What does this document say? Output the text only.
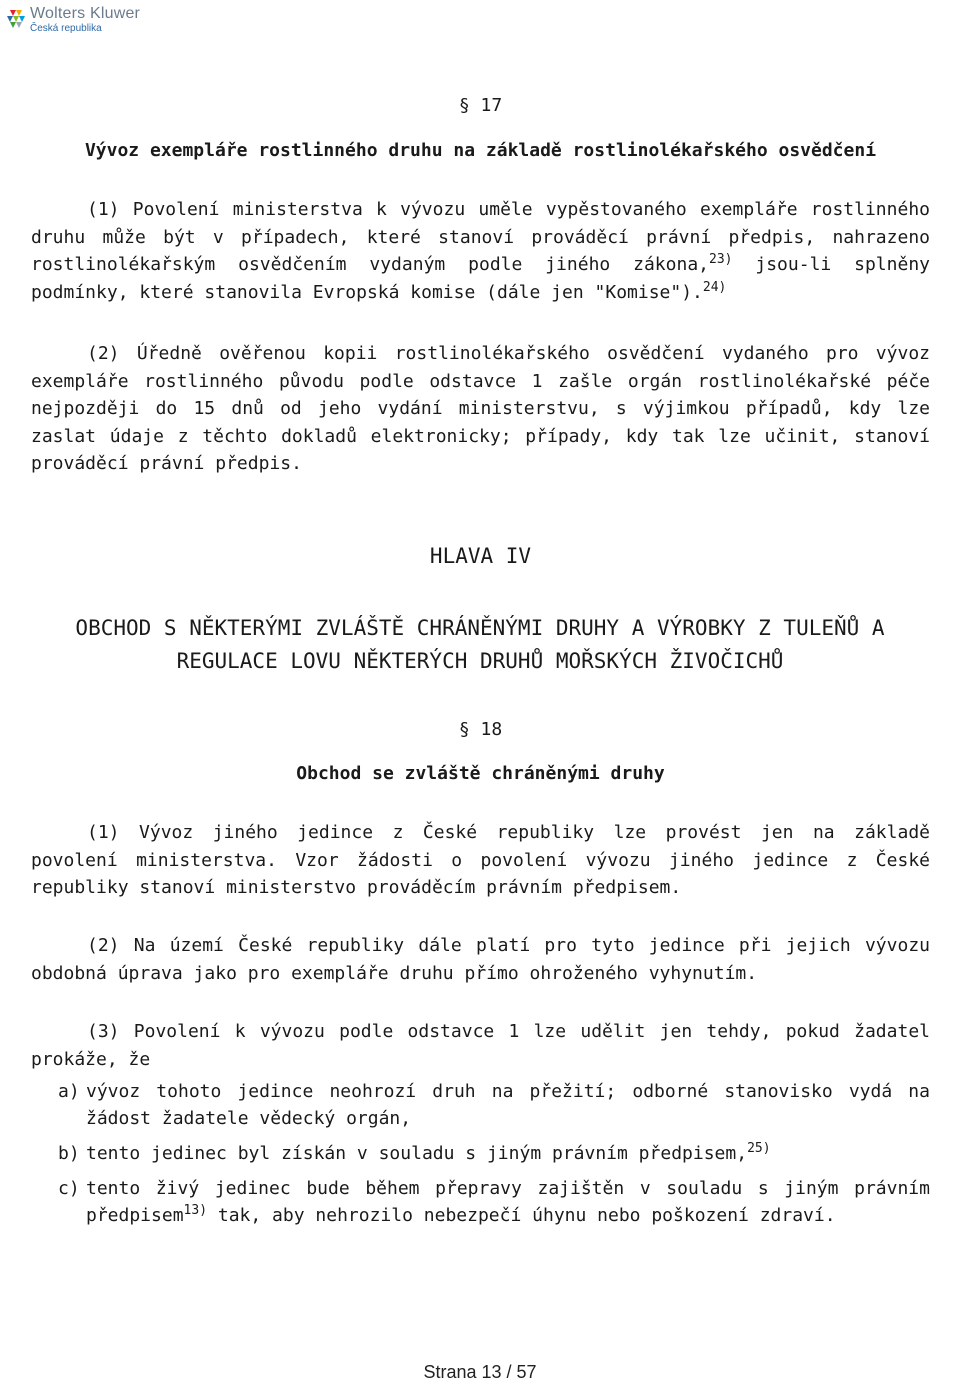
Wolters Kluwer
Česká republika
§ 17
Vývoz exempláře rostlinného druhu na základě rostlinolékařského osvědčení
(1) Povolení ministerstva k vývozu uměle vypěstovaného exempláře rostlinného druhu může být v případech, které stanoví prováděcí právní předpis, nahrazeno rostlinolékařským osvědčením vydaným podle jiného zákona,$^{23)}$ jsou-li splněny podmínky, které stanovila Evropská komise (dále jen "Komise").$^{24)}$
(2) Úředně ověřenou kopii rostlinolékařského osvědčení vydaného pro vývoz exempláře rostlinného původu podle odstavce 1 zašle orgán rostlinolékařské péče nejpozději do 15 dnů od jeho vydání ministerstvu, s výjimkou případů, kdy lze zaslat údaje z těchto dokladů elektronicky; případy, kdy tak lze učinit, stanoví prováděcí právní předpis.
HLAVA IV
OBCHOD S NĚKTERÝMI ZVLÁŠTĚ CHRÁNĚNÝMI DRUHY A VÝROBKY Z TULEŇŮ A
REGULACE LOVU NĚKTERÝCH DRUHŮ MOŘSKÝCH ŽIVOČICHŮ
§ 18
Obchod se zvláště chráněnými druhy
(1) Vývoz jiného jedince z České republiky lze provést jen na základě povolení ministerstva. Vzor žádosti o povolení vývozu jiného jedince z České republiky stanoví ministerstvo prováděcím právním předpisem.
(2) Na území České republiky dále platí pro tyto jedince při jejich vývozu obdobná úprava jako pro exempláře druhu přímo ohroženého vyhynutím.
(3) Povolení k vývozu podle odstavce 1 lze udělit jen tehdy, pokud žadatel prokáže, že
a) vývoz tohoto jedince neohrozí druh na přežití; odborné stanovisko vydá na žádost žadatele vědecký orgán,
b) tento jedinec byl získán v souladu s jiným právním předpisem,$^{25)}$
c) tento živý jedinec bude během přepravy zajištěn v souladu s jiným právním předpisem$^{13)}$ tak, aby nehrozilo nebezpečí úhynu nebo poškození zdraví.
Strana 13 / 57
